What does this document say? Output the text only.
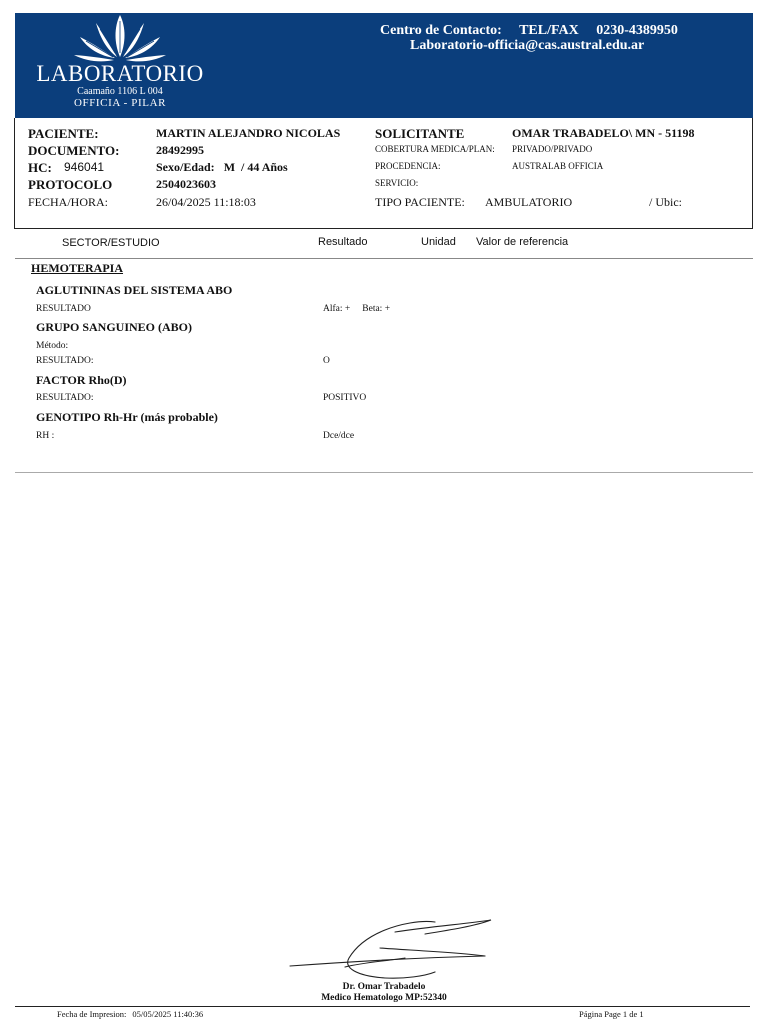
LABORATORIO
Caamaño 1106 L 004
OFFICIA - PILAR
Centro de Contacto: TEL/FAX 0230-4389950
Laboratorio-officia@cas.austral.edu.ar
PACIENTE:	MARTIN ALEJANDRO NICOLAS
DOCUMENTO:	28492995
HC: 946041	Sexo/Edad: M / 44 Años
PROTOCOLO	2504023603
FECHA/HORA:	26/04/2025 11:18:03
SOLICITANTE	OMAR TRABADELO\ MN - 51198
COBERTURA MEDICA/PLAN: PRIVADO/PRIVADO
PROCEDENCIA:	AUSTRALAB OFFICIA
SERVICIO:
TIPO PACIENTE: AMBULATORIO	/ Ubic:
SECTOR/ESTUDIO	Resultado	Unidad Valor de referencia
HEMOTERAPIA
AGLUTININAS DEL SISTEMA ABO
RESULTADO	Alfa: + Beta: +
GRUPO SANGUINEO (ABO)
Método:
RESULTADO:	O
FACTOR Rho(D)
RESULTADO:	POSITIVO
GENOTIPO Rh-Hr (más probable)
RH :	Dce/dce
Dr. Omar Trabadelo
Medico Hematologo MP:52340
Fecha de Impresion: 05/05/2025 11:40:36	Página Page 1 de 1
